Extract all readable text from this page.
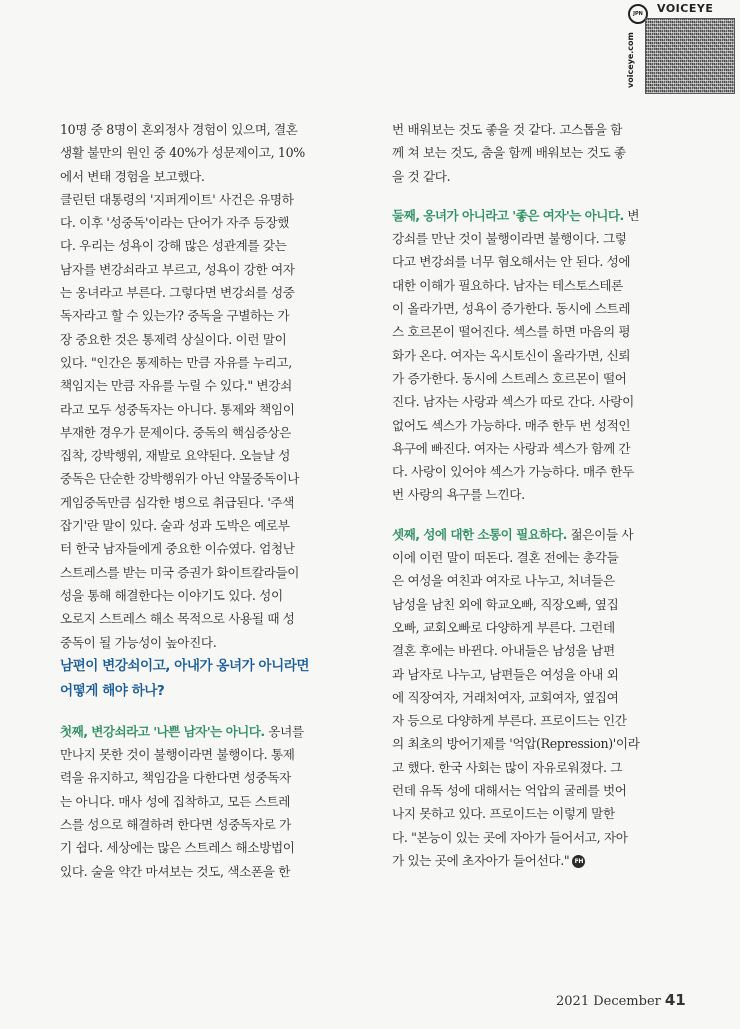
JPN
voiceye.com
VOICEYE
10명 중 8명이 혼외정사 경험이 있으며, 결혼
생활 불만의 원인 중 40%가 성문제이고, 10%
에서 변태 경험을 보고했다.
클린턴 대통령의 '지퍼게이트' 사건은 유명하
다. 이후 '성중독'이라는 단어가 자주 등장했
다. 우리는 성욕이 강해 많은 성관계를 갖는
남자를 변강쇠라고 부르고, 성욕이 강한 여자
는 옹녀라고 부른다. 그렇다면 변강쇠를 성중
독자라고 할 수 있는가? 중독을 구별하는 가
장 중요한 것은 통제력 상실이다. 이런 말이
있다. "인간은 통제하는 만큼 자유를 누리고,
책임지는 만큼 자유를 누릴 수 있다." 변강쇠
라고 모두 성중독자는 아니다. 통제와 책임이
부재한 경우가 문제이다. 중독의 핵심증상은
집착, 강박행위, 재발로 요약된다. 오늘날 성
중독은 단순한 강박행위가 아닌 약물중독이나
게임중독만큼 심각한 병으로 취급된다. '주색
잡기'란 말이 있다. 술과 성과 도박은 예로부
터 한국 남자들에게 중요한 이슈였다. 엄청난
스트레스를 받는 미국 증권가 화이트칼라들이
성을 통해 해결한다는 이야기도 있다. 성이
오로지 스트레스 해소 목적으로 사용될 때 성
중독이 될 가능성이 높아진다.
남편이 변강쇠이고, 아내가 옹녀가 아니라면
어떻게 해야 하나?
첫째, 변강쇠라고 '나쁜 남자'는 아니다. 옹녀를
만나지 못한 것이 불행이라면 불행이다. 통제
력을 유지하고, 책임감을 다한다면 성중독자
는 아니다. 매사 성에 집착하고, 모든 스트레
스를 성으로 해결하려 한다면 성중독자로 가
기 쉽다. 세상에는 많은 스트레스 해소방법이
있다. 술을 약간 마셔보는 것도, 색소폰을 한
번 배워보는 것도 좋을 것 같다. 고스톱을 함
께 쳐 보는 것도, 춤을 함께 배워보는 것도 좋
을 것 같다.
둘째, 옹녀가 아니라고 '좋은 여자'는 아니다. 변
강쇠를 만난 것이 불행이라면 불행이다. 그렇
다고 변강쇠를 너무 혐오해서는 안 된다. 성에
대한 이해가 필요하다. 남자는 테스토스테론
이 올라가면, 성욕이 증가한다. 동시에 스트레
스 호르몬이 떨어진다. 섹스를 하면 마음의 평
화가 온다. 여자는 옥시토신이 올라가면, 신뢰
가 증가한다. 동시에 스트레스 호르몬이 떨어
진다. 남자는 사랑과 섹스가 따로 간다. 사랑이
없어도 섹스가 가능하다. 매주 한두 번 성적인
욕구에 빠진다. 여자는 사랑과 섹스가 함께 간
다. 사랑이 있어야 섹스가 가능하다. 매주 한두
번 사랑의 욕구를 느낀다.
셋째, 성에 대한 소통이 필요하다. 젊은이들 사
이에 이런 말이 떠돈다. 결혼 전에는 총각들
은 여성을 여친과 여자로 나누고, 처녀들은
남성을 남친 외에 학교오빠, 직장오빠, 옆집
오빠, 교회오빠로 다양하게 부른다. 그런데
결혼 후에는 바뀐다. 아내들은 남성을 남편
과 남자로 나누고, 남편들은 여성을 아내 외
에 직장여자, 거래처여자, 교회여자, 옆집여
자 등으로 다양하게 부른다. 프로이드는 인간
의 최초의 방어기제를 '억압(Repression)'이라
고 했다. 한국 사회는 많이 자유로워졌다. 그
런데 유독 성에 대해서는 억압의 굴레를 벗어
나지 못하고 있다. 프로이드는 이렇게 말한
다. "본능이 있는 곳에 자아가 들어서고, 자아
가 있는 곳에 초자아가 들어선다." FH
2021 December 41
